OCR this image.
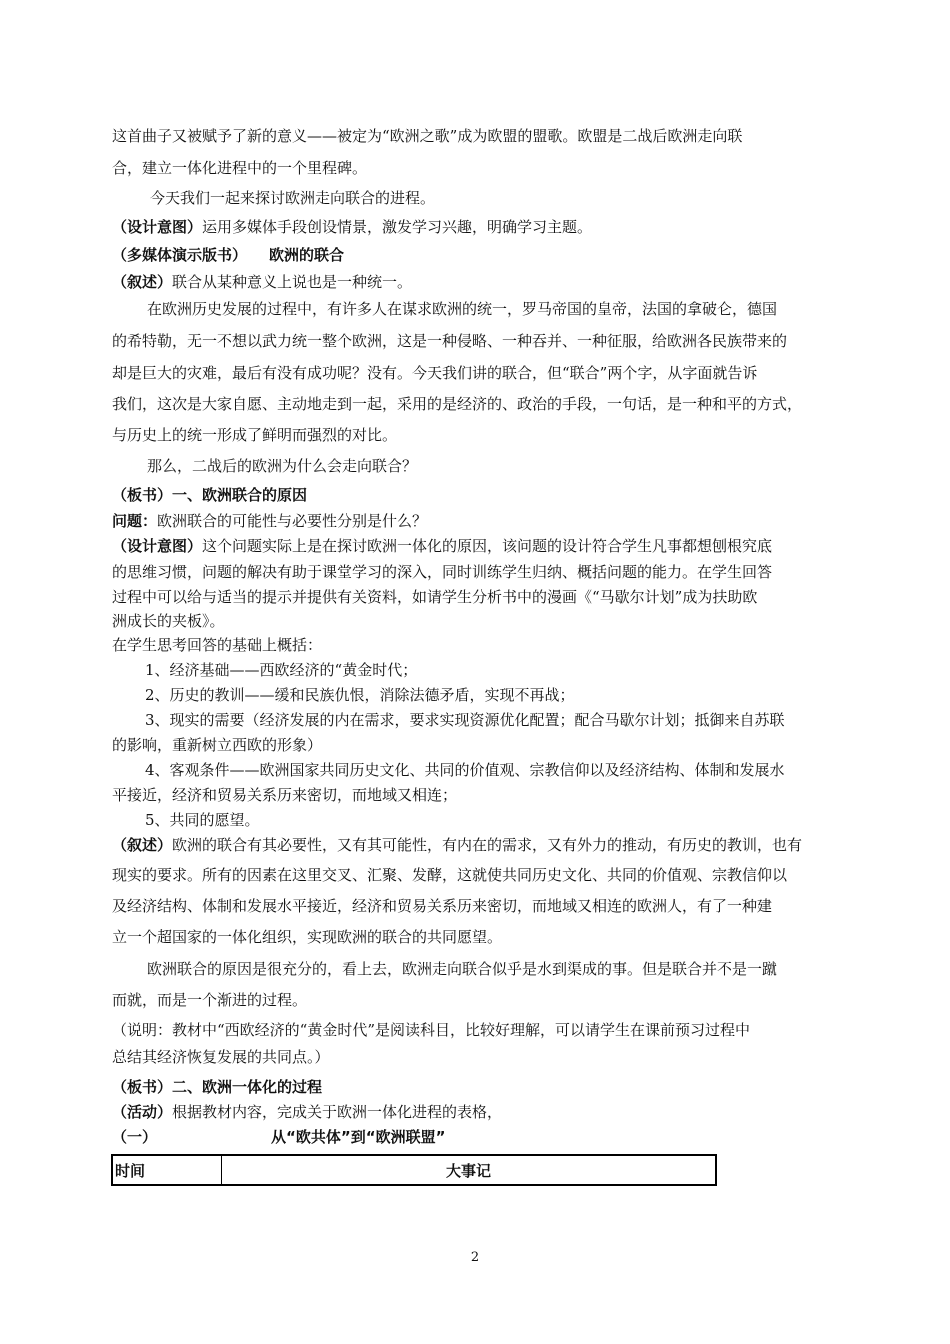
这首曲子又被赋予了新的意义——被定为“欧洲之歌”成为欧盟的盟歌。欧盟是二战后欧洲走向联
合，建立一体化进程中的一个里程碑。
今天我们一起来探讨欧洲走向联合的进程。
（设计意图）运用多媒体手段创设情景，激发学习兴趣，明确学习主题。
（多媒体演示版书） 欧洲的联合
（叙述）联合从某种意义上说也是一种统一。
在欧洲历史发展的过程中，有许多人在谋求欧洲的统一，罗马帝国的皇帝，法国的拿破仑，德国
的希特勒，无一不想以武力统一整个欧洲，这是一种侵略、一种吞并、一种征服，给欧洲各民族带来的
却是巨大的灾难，最后有没有成功呢？没有。今天我们讲的联合，但“联合”两个字，从字面就告诉
我们，这次是大家自愿、主动地走到一起，采用的是经济的、政治的手段，一句话，是一种和平的方式，
与历史上的统一形成了鲜明而强烈的对比。
那么，二战后的欧洲为什么会走向联合？
（板书）一、欧洲联合的原因
问题：欧洲联合的可能性与必要性分别是什么？
（设计意图）这个问题实际上是在探讨欧洲一体化的原因，该问题的设计符合学生凡事都想刨根究底
的思维习惯，问题的解决有助于课堂学习的深入，同时训练学生归纳、概括问题的能力。在学生回答
过程中可以给与适当的提示并提供有关资料，如请学生分析书中的漫画《“马歇尔计划”成为扶助欧
洲成长的夹板》。
在学生思考回答的基础上概括：
1、经济基础——西欧经济的“黄金时代；
2、历史的教训——缓和民族仇恨，消除法德矛盾，实现不再战；
3、现实的需要（经济发展的内在需求，要求实现资源优化配置；配合马歇尔计划；抵御来自苏联
的影响，重新树立西欧的形象）
4、客观条件——欧洲国家共同历史文化、共同的价值观、宗教信仰以及经济结构、体制和发展水
平接近，经济和贸易关系历来密切，而地域又相连；
5、共同的愿望。
（叙述）欧洲的联合有其必要性，又有其可能性，有内在的需求，又有外力的推动，有历史的教训，也有
现实的要求。所有的因素在这里交叉、汇聚、发酵，这就使共同历史文化、共同的价值观、宗教信仰以
及经济结构、体制和发展水平接近，经济和贸易关系历来密切，而地域又相连的欧洲人，有了一种建
立一个超国家的一体化组织，实现欧洲的联合的共同愿望。
欧洲联合的原因是很充分的，看上去，欧洲走向联合似乎是水到渠成的事。但是联合并不是一蹴
而就，而是一个渐进的过程。
（说明：教材中“西欧经济的“黄金时代”是阅读科目，比较好理解，可以请学生在课前预习过程中
总结其经济恢复发展的共同点。）
（板书）二、欧洲一体化的过程
（活动）根据教材内容，完成关于欧洲一体化进程的表格，
（一）	从“欧共体”到“欧洲联盟”
时间	大事记
2
